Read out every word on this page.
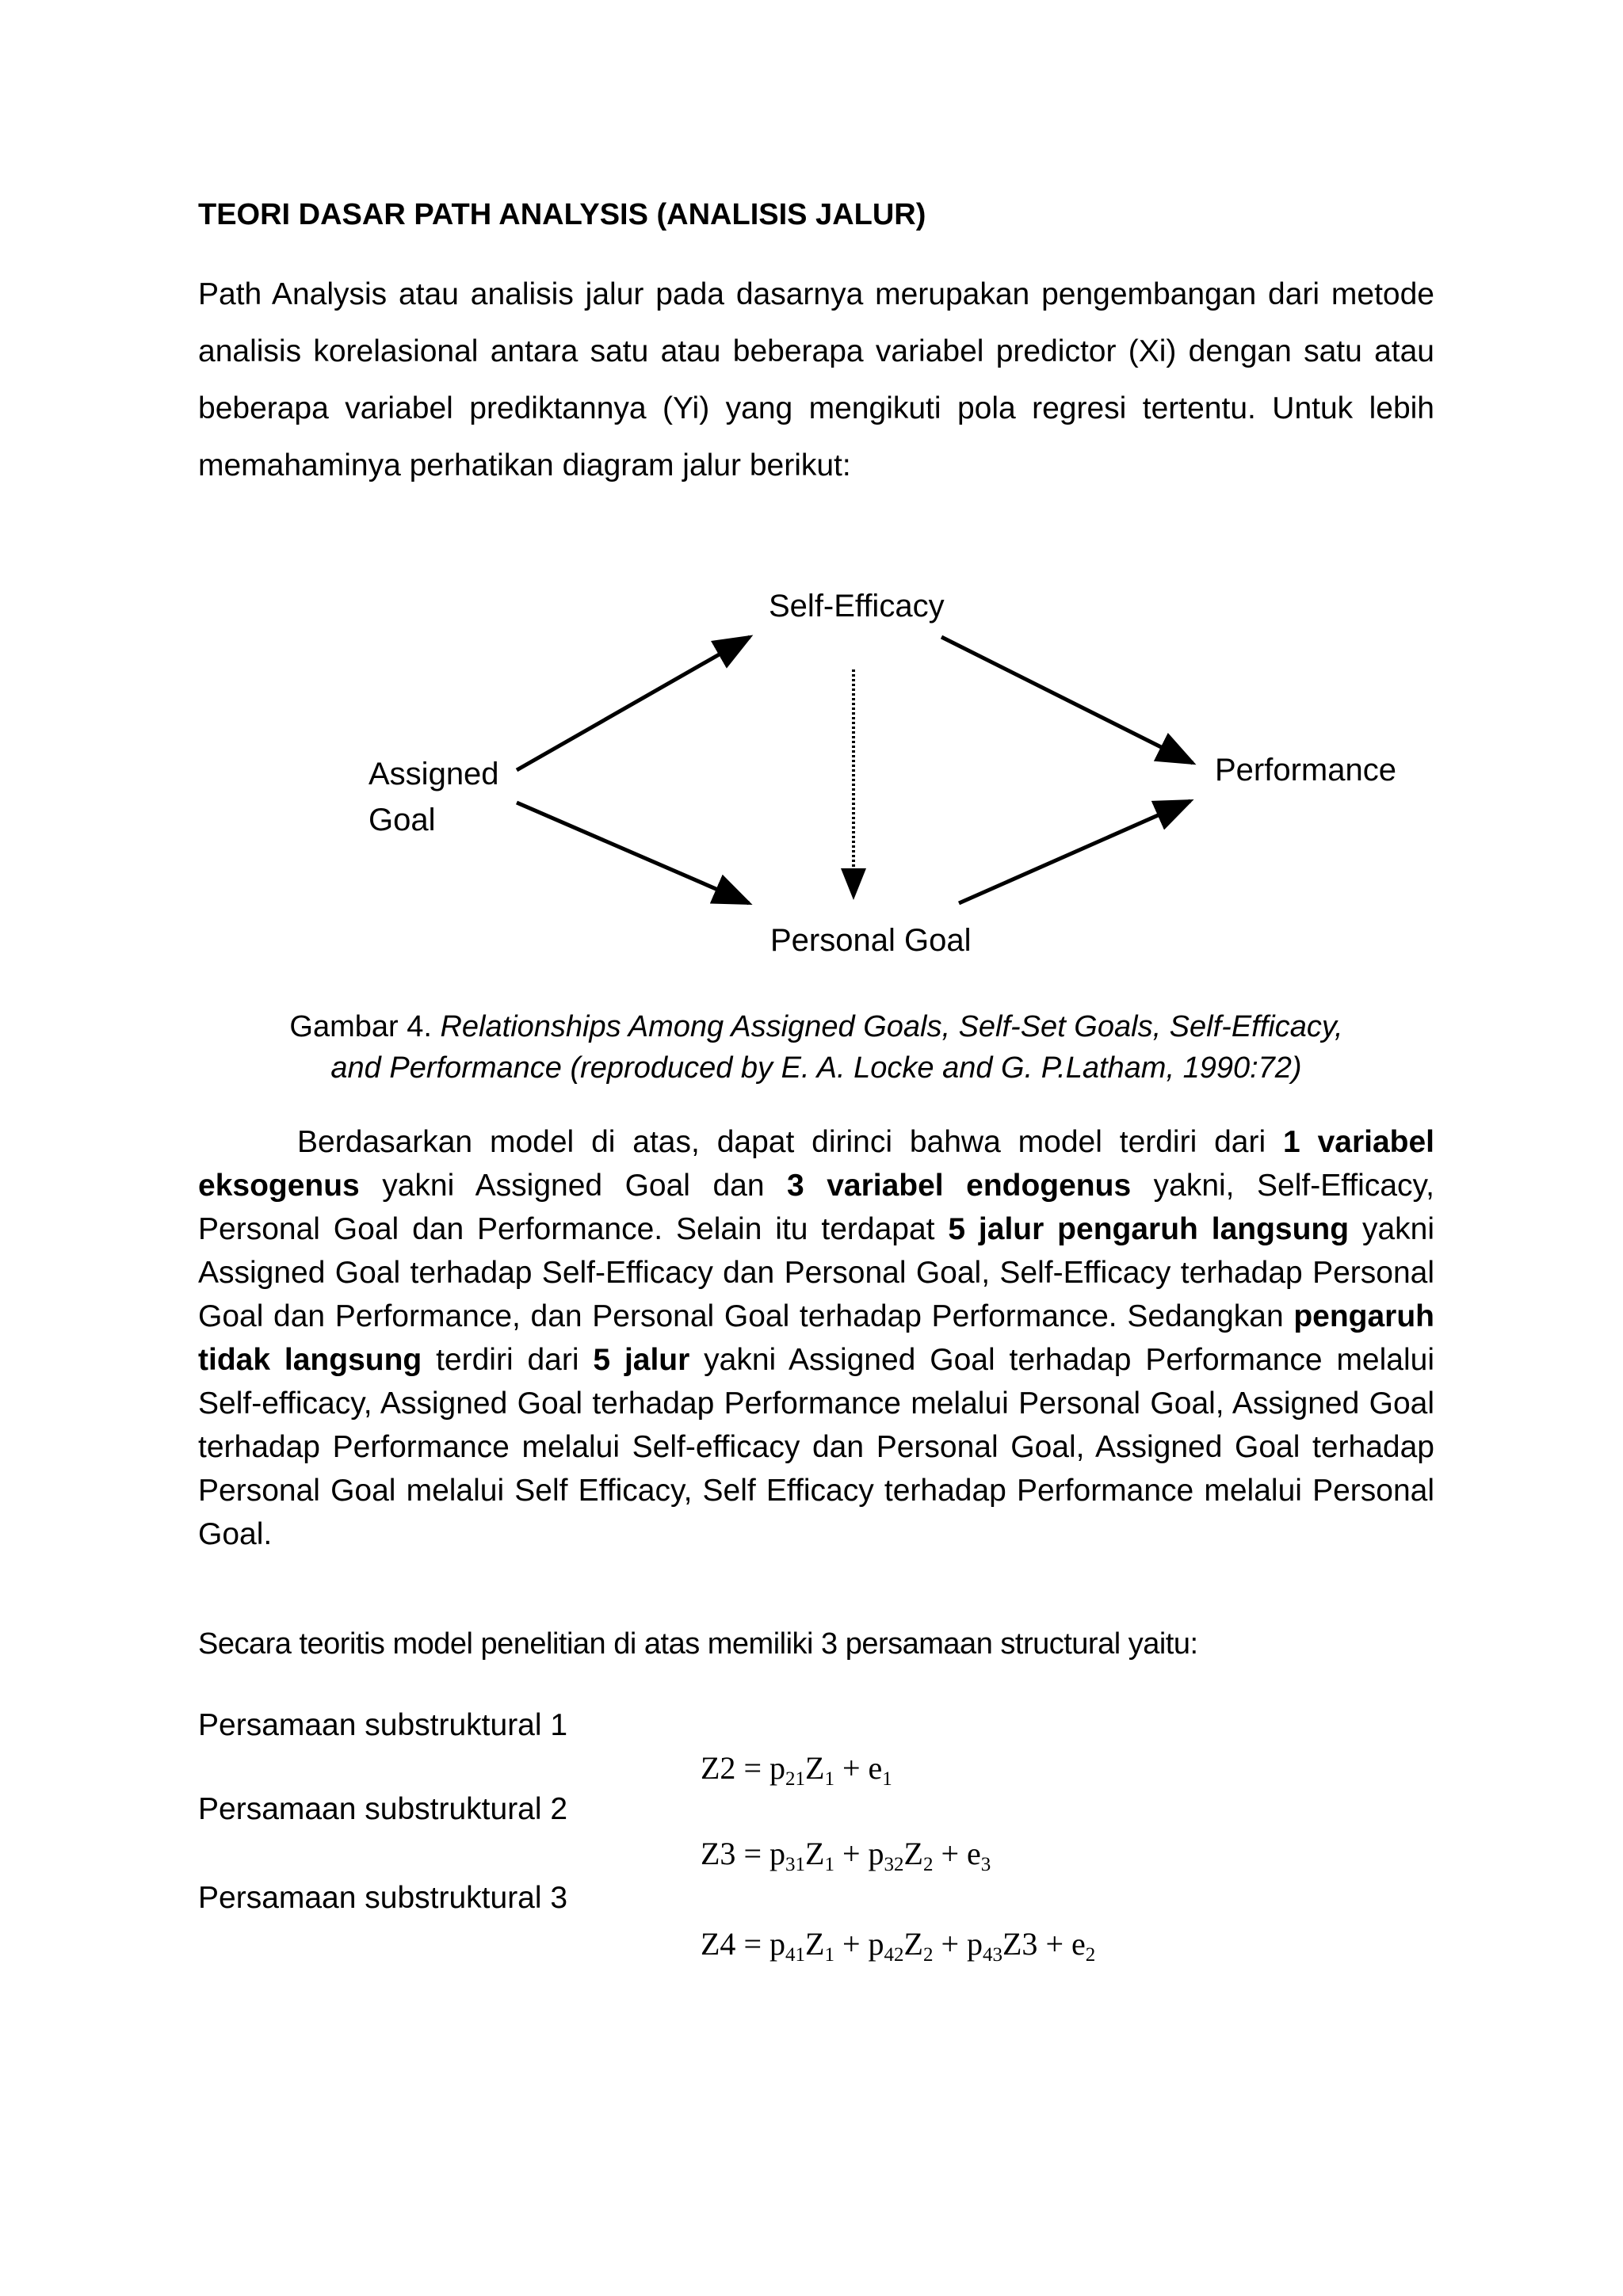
TEORI DASAR PATH ANALYSIS (ANALISIS JALUR)
Path Analysis atau analisis jalur pada dasarnya merupakan pengembangan dari metode analisis korelasional antara satu atau beberapa variabel predictor (Xi) dengan satu atau beberapa variabel prediktannya (Yi) yang mengikuti pola regresi tertentu. Untuk lebih memahaminya perhatikan diagram jalur berikut:
Self-Efficacy
Assigned
Goal
Performance
Personal Goal
Gambar 4. Relationships Among Assigned Goals, Self-Set Goals, Self-Efficacy,
and Performance (reproduced by E. A. Locke and G. P.Latham, 1990:72)
Berdasarkan model di atas, dapat dirinci bahwa model terdiri dari 1 variabel eksogenus yakni Assigned Goal dan 3 variabel endogenus yakni, Self-Efficacy, Personal Goal dan Performance. Selain itu terdapat 5 jalur pengaruh langsung yakni Assigned Goal terhadap Self-Efficacy dan Personal Goal, Self-Efficacy terhadap Personal Goal dan Performance, dan Personal Goal terhadap Performance. Sedangkan pengaruh tidak langsung terdiri dari 5 jalur yakni Assigned Goal terhadap Performance melalui Self-efficacy, Assigned Goal terhadap Performance melalui Personal Goal, Assigned Goal terhadap Performance melalui Self-efficacy dan Personal Goal, Assigned Goal terhadap Personal Goal melalui Self Efficacy, Self Efficacy terhadap Performance melalui Personal Goal.
Secara teoritis model penelitian di atas memiliki 3 persamaan structural yaitu:
Persamaan substruktural 1
$Z2 = p_{21}Z_1 + e_1$
Persamaan substruktural 2
$Z3 = p_{31}Z_1 + p_{32}Z_2 + e_3$
Persamaan substruktural 3
$Z4 = p_{41}Z_1 + p_{42}Z_2 + p_{43}Z3 + e_2$
